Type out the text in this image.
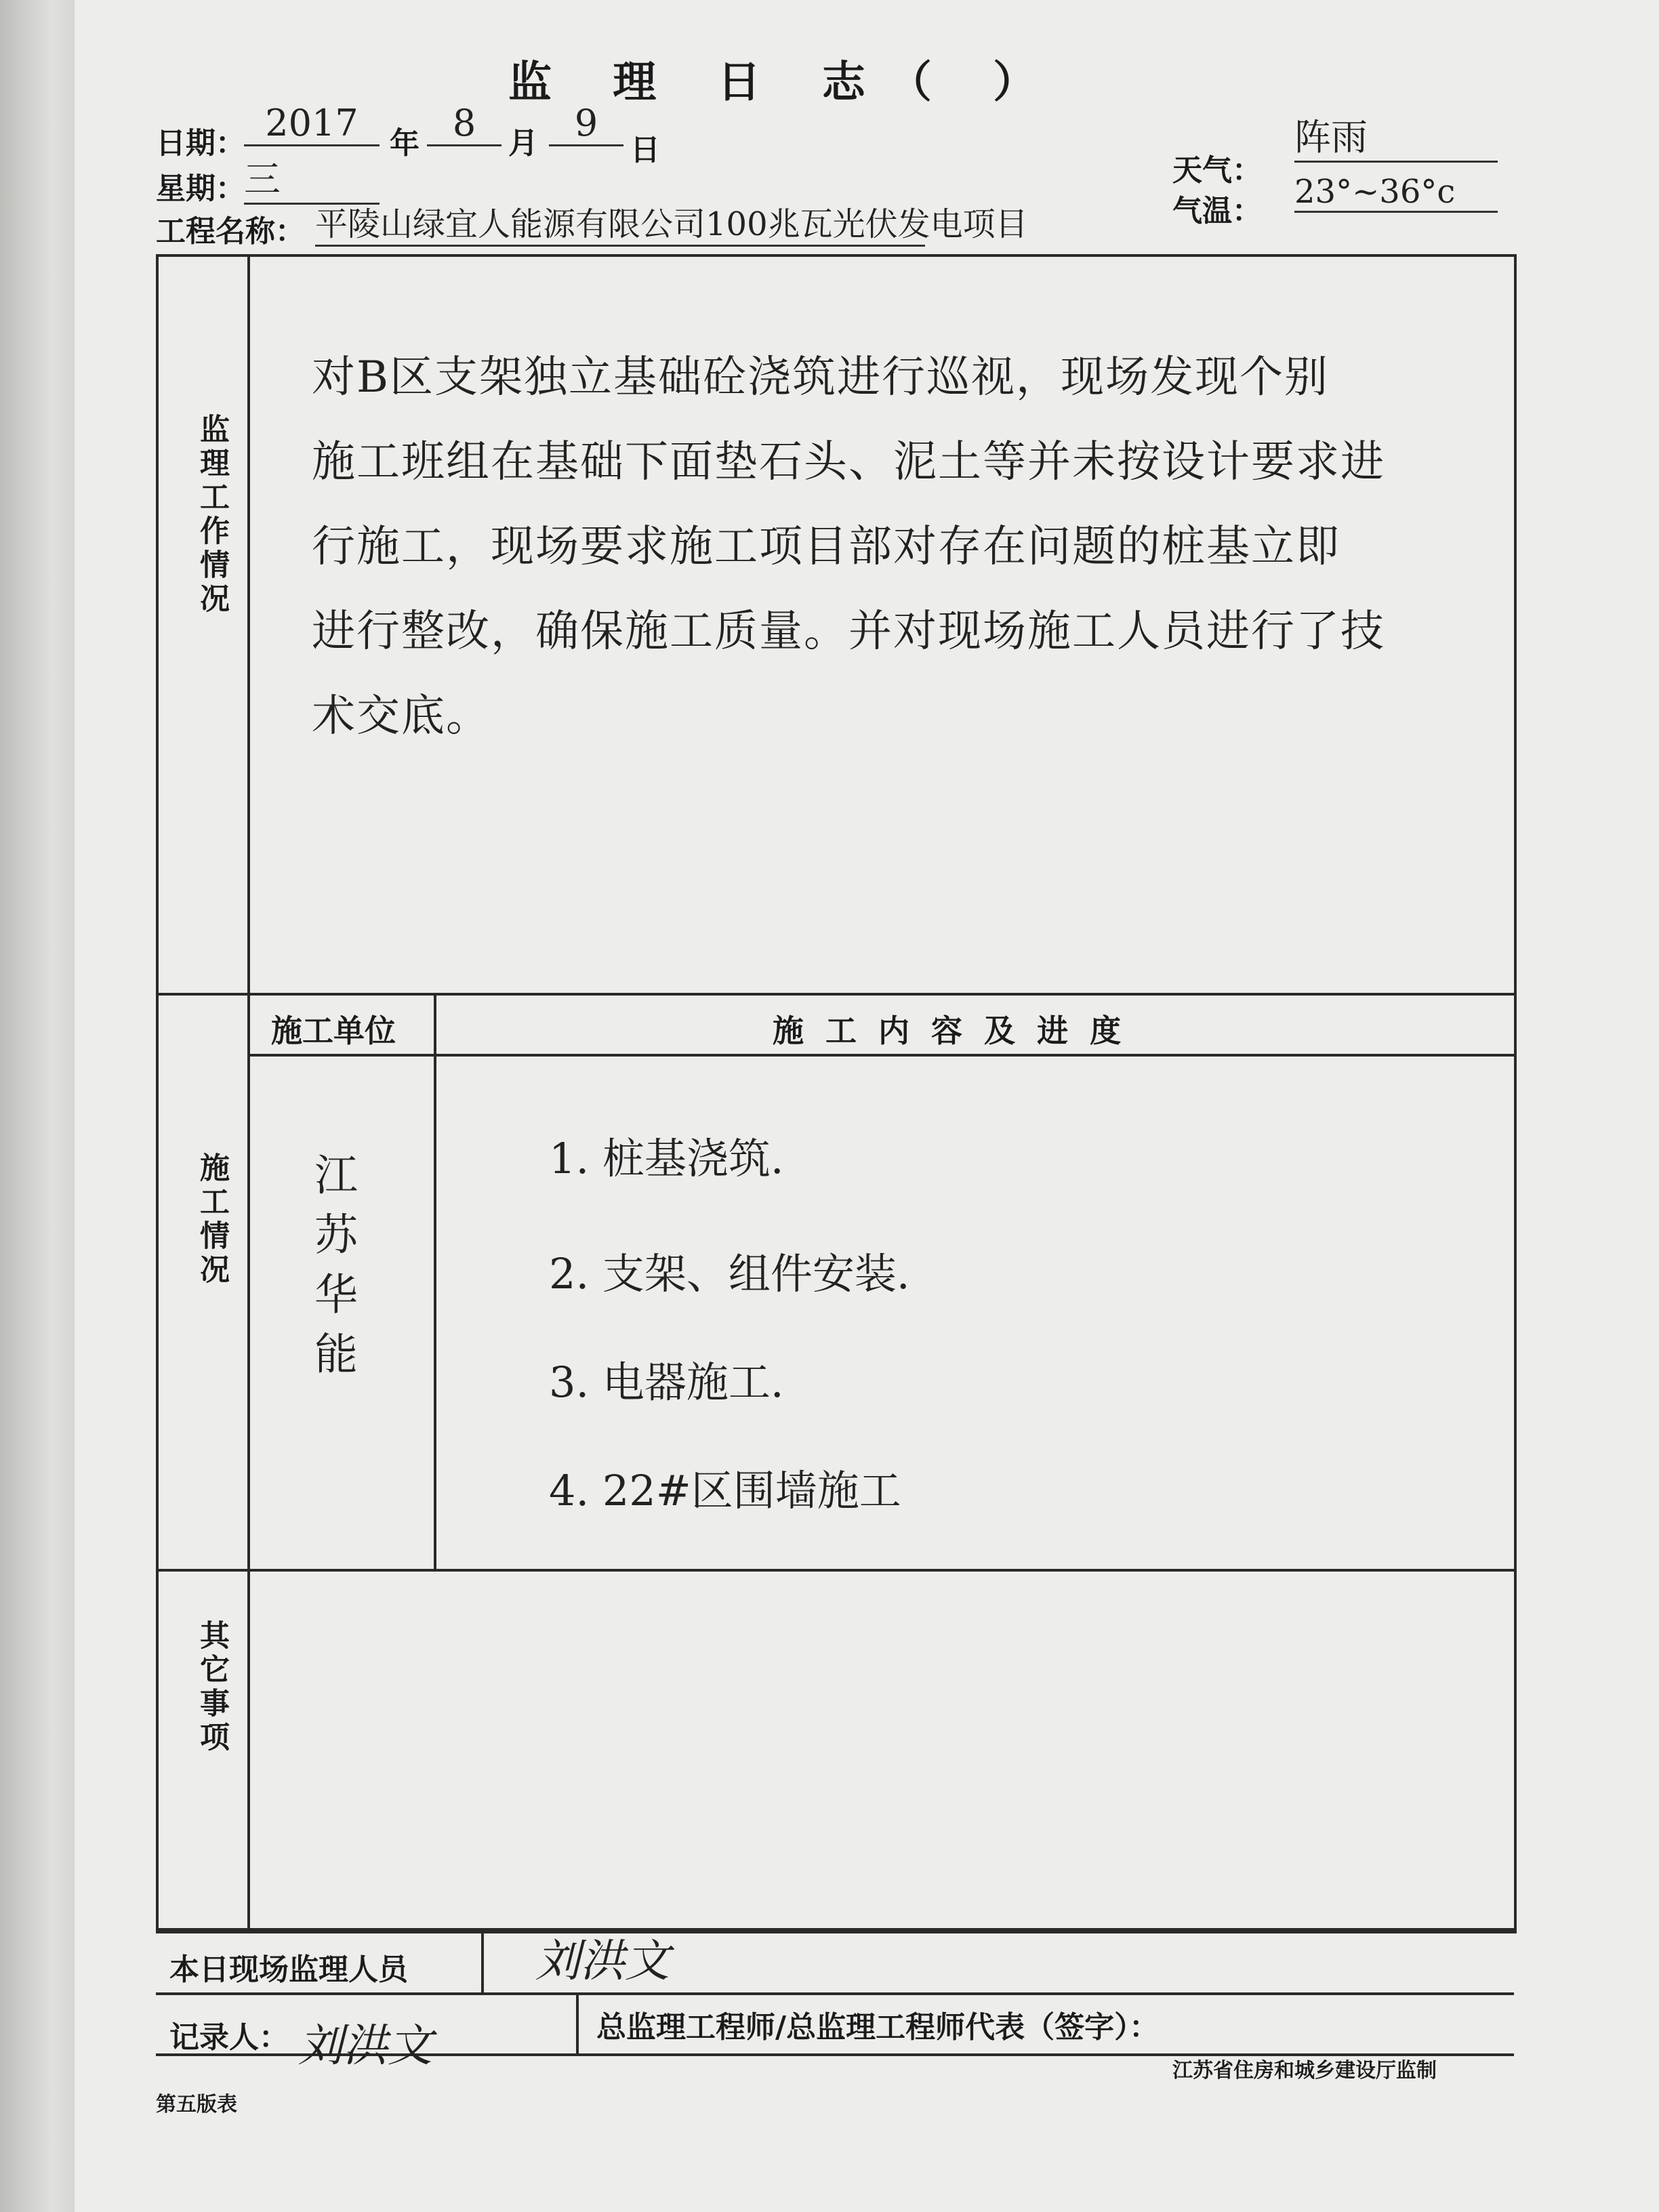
监 理 日 志（ ）
日期： 2017	年 8	月 9
日
星期：
三	天气：
阵雨
气温：
23°~36°c
工程名称： 平陵山绿宜人能源有限公司100兆瓦光伏发电项目
监理工作情况
对B区支架独立基础砼浇筑进行巡视，现场发现个别
施工班组在基础下面垫石头、泥土等并未按设计要求进
行施工，现场要求施工项目部对存在问题的桩基立即
进行整改，确保施工质量。并对现场施工人员进行了技
术交底。
施工单位	施 工 内 容 及 进 度
施工情况	江苏华能	1. 桩基浇筑.
2. 支架、组件安装.
3. 电器施工.
4. 22#区围墙施工
其它事项
本日现场监理人员	刘洪文
总监理工程师/总监理工程师代表（签字）：
记录人： 刘洪文
第五版表
江苏省住房和城乡建设厅监制
